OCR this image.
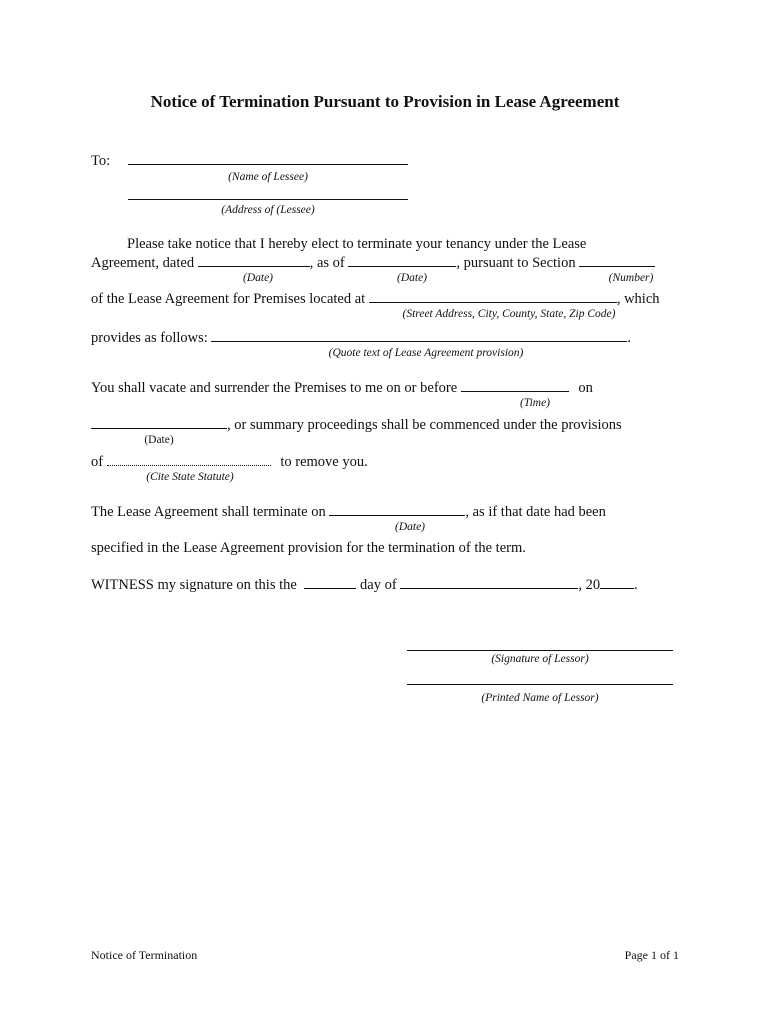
Notice of Termination Pursuant to Provision in Lease Agreement
To:
(Name of Lessee)
(Address of (Lessee)
Please take notice that I hereby elect to terminate your tenancy under the Lease
Agreement, dated	, as of	, pursuant to Section
(Date)	(Date)	(Number)
of the Lease Agreement for Premises located at	, which
(Street Address, City, County, State, Zip Code)
provides as follows:	.
(Quote text of Lease Agreement provision)
You shall vacate and surrender the Premises to me on or before	on
(Time)
, or summary proceedings shall be commenced under the provisions
(Date)
of	to remove you.
(Cite State Statute)
The Lease Agreement shall terminate on	, as if that date had been
(Date)
specified in the Lease Agreement provision for the termination of the term.
WITNESS my signature on this the	day of	, 20 .
(Signature of Lessor)
(Printed Name of Lessor)
Notice of Termination	Page 1 of 1
